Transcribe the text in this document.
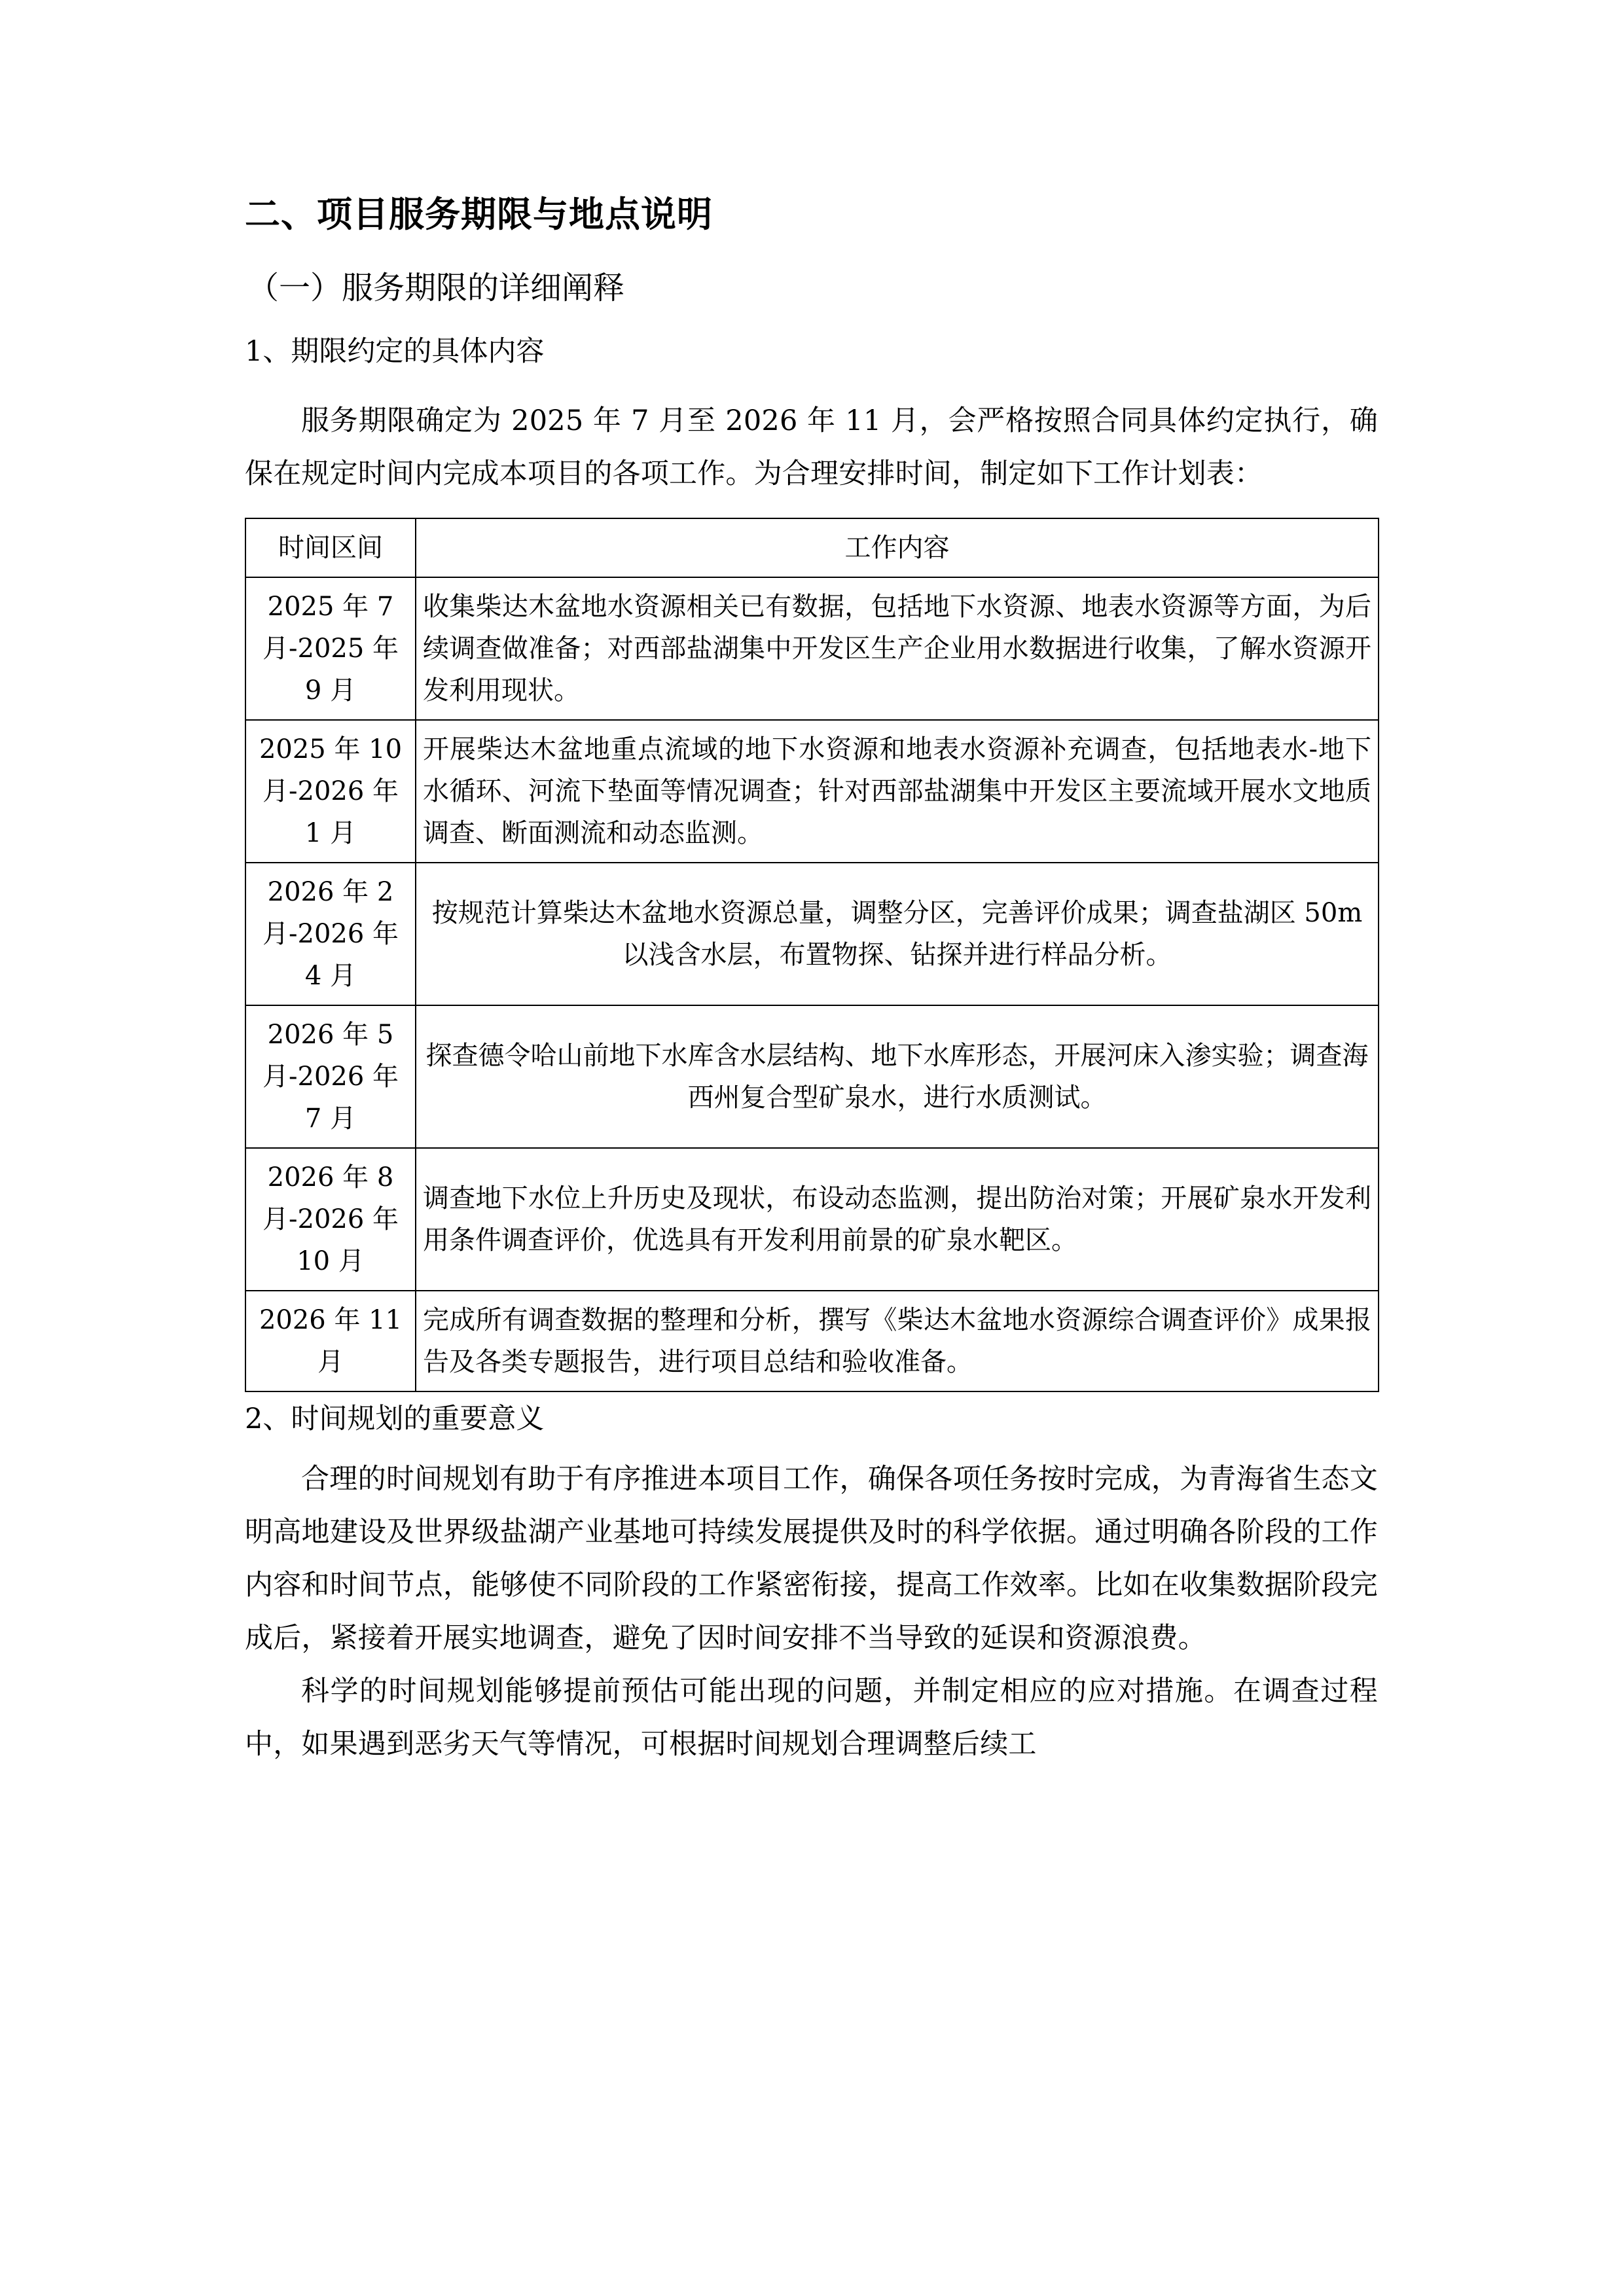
二、项目服务期限与地点说明
（一）服务期限的详细阐释
1、期限约定的具体内容

服务期限确定为 2025 年 7 月至 2026 年 11 月，会严格按照合同具体约定执行，确保在规定时间内完成本项目的各项工作。为合理安排时间，制定如下工作计划表：

时间区间	工作内容
2025 年 7 月-2025 年 9 月	收集柴达木盆地水资源相关已有数据，包括地下水资源、地表水资源等方面，为后续调查做准备；对西部盐湖集中开发区生产企业用水数据进行收集，了解水资源开发利用现状。
2025 年 10 月-2026 年 1 月	开展柴达木盆地重点流域的地下水资源和地表水资源补充调查，包括地表水-地下水循环、河流下垫面等情况调查；针对西部盐湖集中开发区主要流域开展水文地质调查、断面测流和动态监测。
2026 年 2 月-2026 年 4 月	按规范计算柴达木盆地水资源总量，调整分区，完善评价成果；调查盐湖区 50m 以浅含水层，布置物探、钻探并进行样品分析。
2026 年 5 月-2026 年 7 月	探查德令哈山前地下水库含水层结构、地下水库形态，开展河床入渗实验；调查海西州复合型矿泉水，进行水质测试。
2026 年 8 月-2026 年 10 月	调查地下水位上升历史及现状，布设动态监测，提出防治对策；开展矿泉水开发利用条件调查评价，优选具有开发利用前景的矿泉水靶区。
2026 年 11 月	完成所有调查数据的整理和分析，撰写《柴达木盆地水资源综合调查评价》成果报告及各类专题报告，进行项目总结和验收准备。
2、时间规划的重要意义

合理的时间规划有助于有序推进本项目工作，确保各项任务按时完成，为青海省生态文明高地建设及世界级盐湖产业基地可持续发展提供及时的科学依据。通过明确各阶段的工作内容和时间节点，能够使不同阶段的工作紧密衔接，提高工作效率。比如在收集数据阶段完成后，紧接着开展实地调查，避免了因时间安排不当导致的延误和资源浪费。

科学的时间规划能够提前预估可能出现的问题，并制定相应的应对措施。在调查过程中，如果遇到恶劣天气等情况，可根据时间规划合理调整后续工
